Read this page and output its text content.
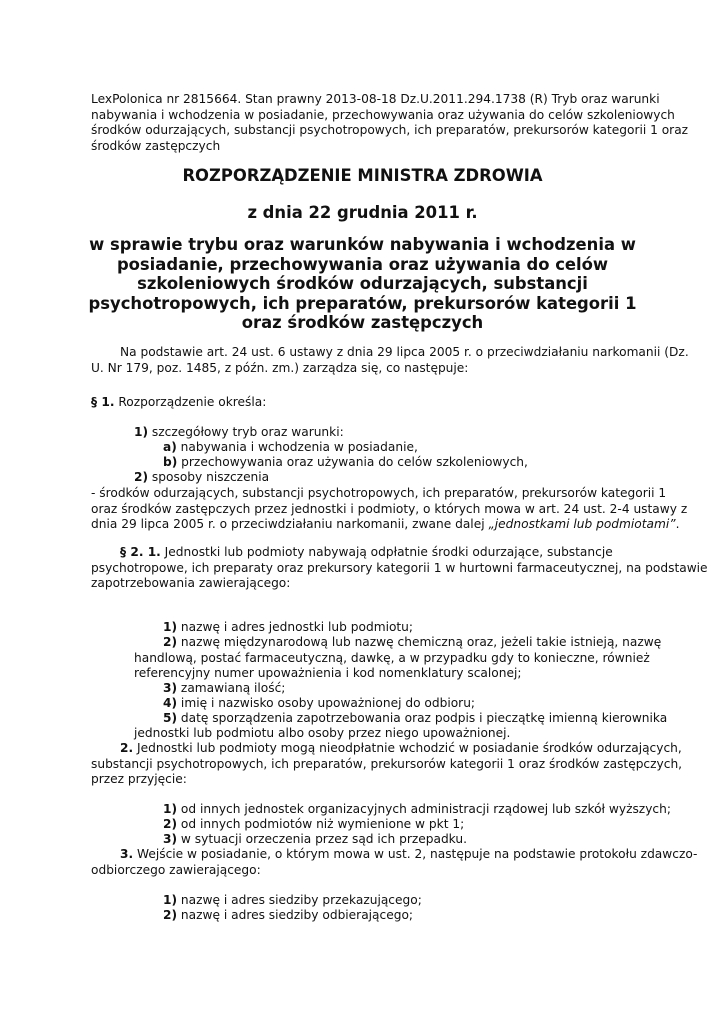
LexPolonica nr 2815664. Stan prawny 2013-08-18 Dz.U.2011.294.1738 (R) Tryb oraz warunki
nabywania i wchodzenia w posiadanie, przechowywania oraz używania do celów szkoleniowych
środków odurzających, substancji psychotropowych, ich preparatów, prekursorów kategorii 1 oraz
środków zastępczych
ROZPORZĄDZENIE MINISTRA ZDROWIA
z dnia 22 grudnia 2011 r.
w sprawie trybu oraz warunków nabywania i wchodzenia w
posiadanie, przechowywania oraz używania do celów
szkoleniowych środków odurzających, substancji
psychotropowych, ich preparatów, prekursorów kategorii 1
oraz środków zastępczych
Na podstawie art. 24 ust. 6 ustawy z dnia 29 lipca 2005 r. o przeciwdziałaniu narkomanii (Dz.
U. Nr 179, poz. 1485, z późn. zm.) zarządza się, co następuje:
§ 1. Rozporządzenie określa:
1) szczegółowy tryb oraz warunki:
a) nabywania i wchodzenia w posiadanie,
b) przechowywania oraz używania do celów szkoleniowych,
2) sposoby niszczenia
- środków odurzających, substancji psychotropowych, ich preparatów, prekursorów kategorii 1
oraz środków zastępczych przez jednostki i podmioty, o których mowa w art. 24 ust. 2-4 ustawy z
dnia 29 lipca 2005 r. o przeciwdziałaniu narkomanii, zwane dalej „jednostkami lub podmiotami”.
§ 2. 1. Jednostki lub podmioty nabywają odpłatnie środki odurzające, substancje
psychotropowe, ich preparaty oraz prekursory kategorii 1 w hurtowni farmaceutycznej, na podstawie
zapotrzebowania zawierającego:
1) nazwę i adres jednostki lub podmiotu;
2) nazwę międzynarodową lub nazwę chemiczną oraz, jeżeli takie istnieją, nazwę
handlową, postać farmaceutyczną, dawkę, a w przypadku gdy to konieczne, również
referencyjny numer upoważnienia i kod nomenklatury scalonej;
3) zamawianą ilość;
4) imię i nazwisko osoby upoważnionej do odbioru;
5) datę sporządzenia zapotrzebowania oraz podpis i pieczątkę imienną kierownika
jednostki lub podmiotu albo osoby przez niego upoważnionej.
2. Jednostki lub podmioty mogą nieodpłatnie wchodzić w posiadanie środków odurzających,
substancji psychotropowych, ich preparatów, prekursorów kategorii 1 oraz środków zastępczych,
przez przyjęcie:
1) od innych jednostek organizacyjnych administracji rządowej lub szkół wyższych;
2) od innych podmiotów niż wymienione w pkt 1;
3) w sytuacji orzeczenia przez sąd ich przepadku.
3. Wejście w posiadanie, o którym mowa w ust. 2, następuje na podstawie protokołu zdawczo-
odbiorczego zawierającego:
1) nazwę i adres siedziby przekazującego;
2) nazwę i adres siedziby odbierającego;
